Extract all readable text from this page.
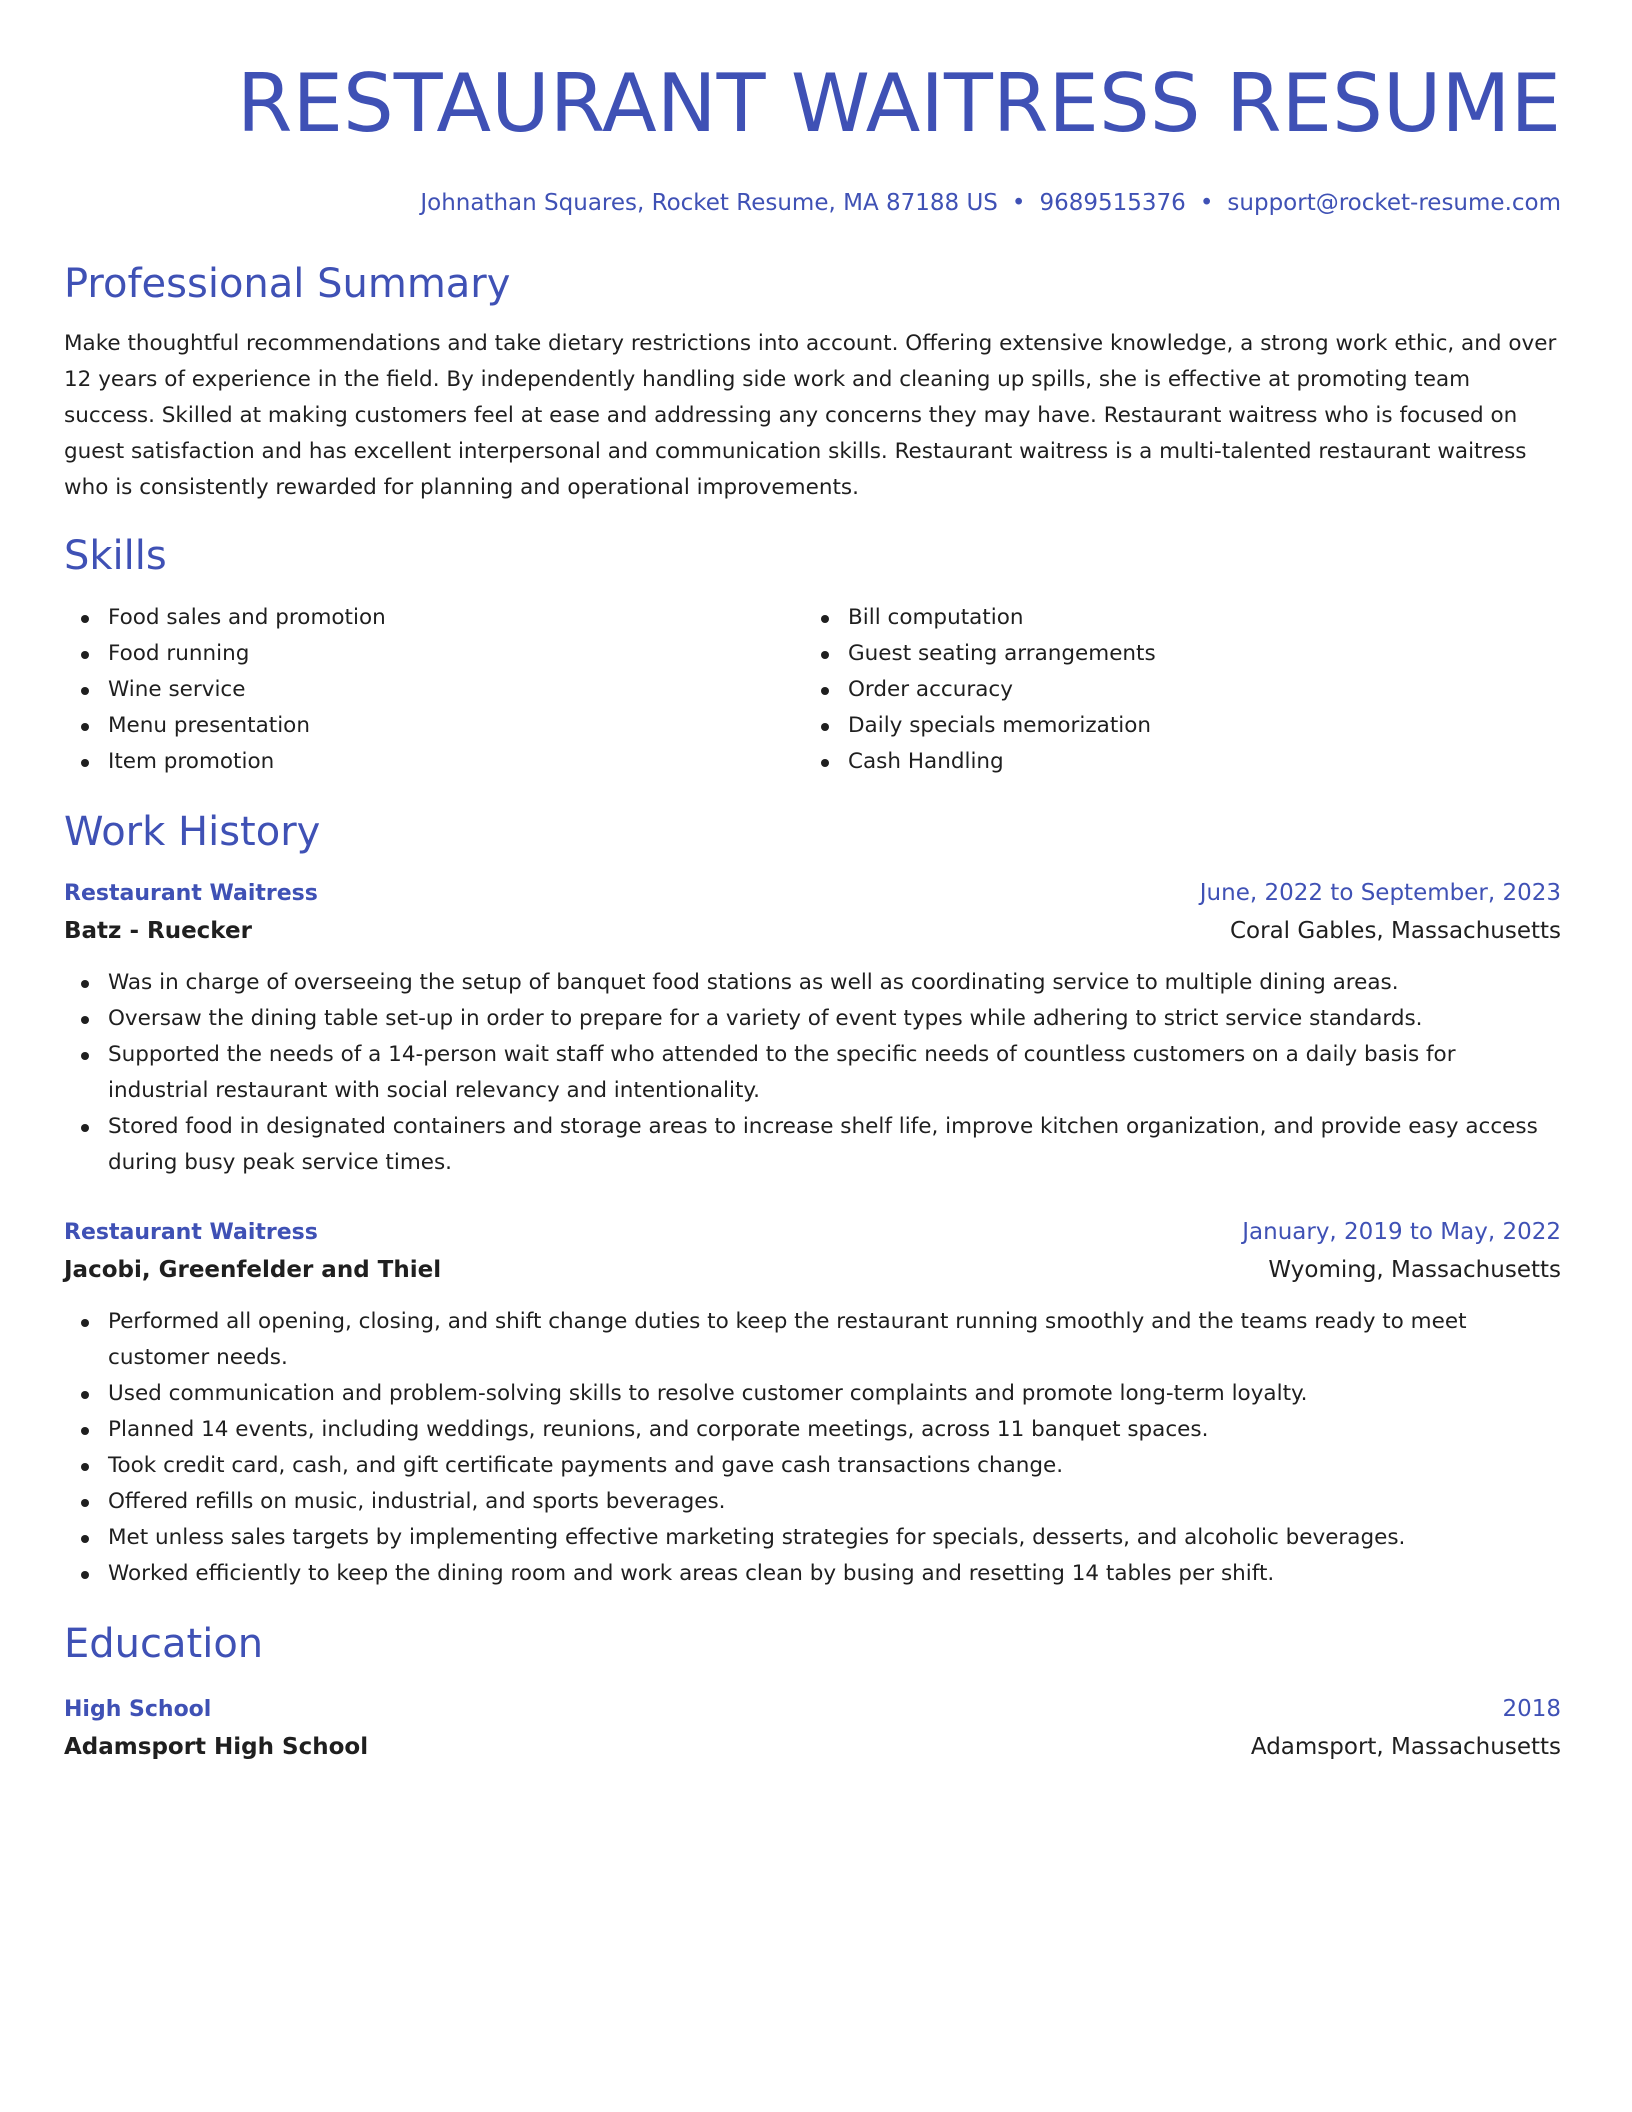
RESTAURANT WAITRESS RESUME
Johnathan Squares, Rocket Resume, MA 87188 US • 9689515376 • support@rocket-resume.com
Professional Summary
Make thoughtful recommendations and take dietary restrictions into account. Offering extensive knowledge, a strong work ethic, and over 12 years of experience in the field. By independently handling side work and cleaning up spills, she is effective at promoting team success. Skilled at making customers feel at ease and addressing any concerns they may have. Restaurant waitress who is focused on guest satisfaction and has excellent interpersonal and communication skills. Restaurant waitress is a multi-talented restaurant waitress who is consistently rewarded for planning and operational improvements.
Skills
Food sales and promotion
Food running
Wine service
Menu presentation
Item promotion
Bill computation
Guest seating arrangements
Order accuracy
Daily specials memorization
Cash Handling
Work History
Restaurant Waitress	June, 2022 to September, 2023
Batz - Ruecker	Coral Gables, Massachusetts
Was in charge of overseeing the setup of banquet food stations as well as coordinating service to multiple dining areas.
Oversaw the dining table set-up in order to prepare for a variety of event types while adhering to strict service standards.
Supported the needs of a 14-person wait staff who attended to the specific needs of countless customers on a daily basis for industrial restaurant with social relevancy and intentionality.
Stored food in designated containers and storage areas to increase shelf life, improve kitchen organization, and provide easy access during busy peak service times.
Restaurant Waitress	January, 2019 to May, 2022
Jacobi, Greenfelder and Thiel	Wyoming, Massachusetts
Performed all opening, closing, and shift change duties to keep the restaurant running smoothly and the teams ready to meet customer needs.
Used communication and problem-solving skills to resolve customer complaints and promote long-term loyalty.
Planned 14 events, including weddings, reunions, and corporate meetings, across 11 banquet spaces.
Took credit card, cash, and gift certificate payments and gave cash transactions change.
Offered refills on music, industrial, and sports beverages.
Met unless sales targets by implementing effective marketing strategies for specials, desserts, and alcoholic beverages.
Worked efficiently to keep the dining room and work areas clean by busing and resetting 14 tables per shift.
Education
High School	2018
Adamsport High School	Adamsport, Massachusetts
